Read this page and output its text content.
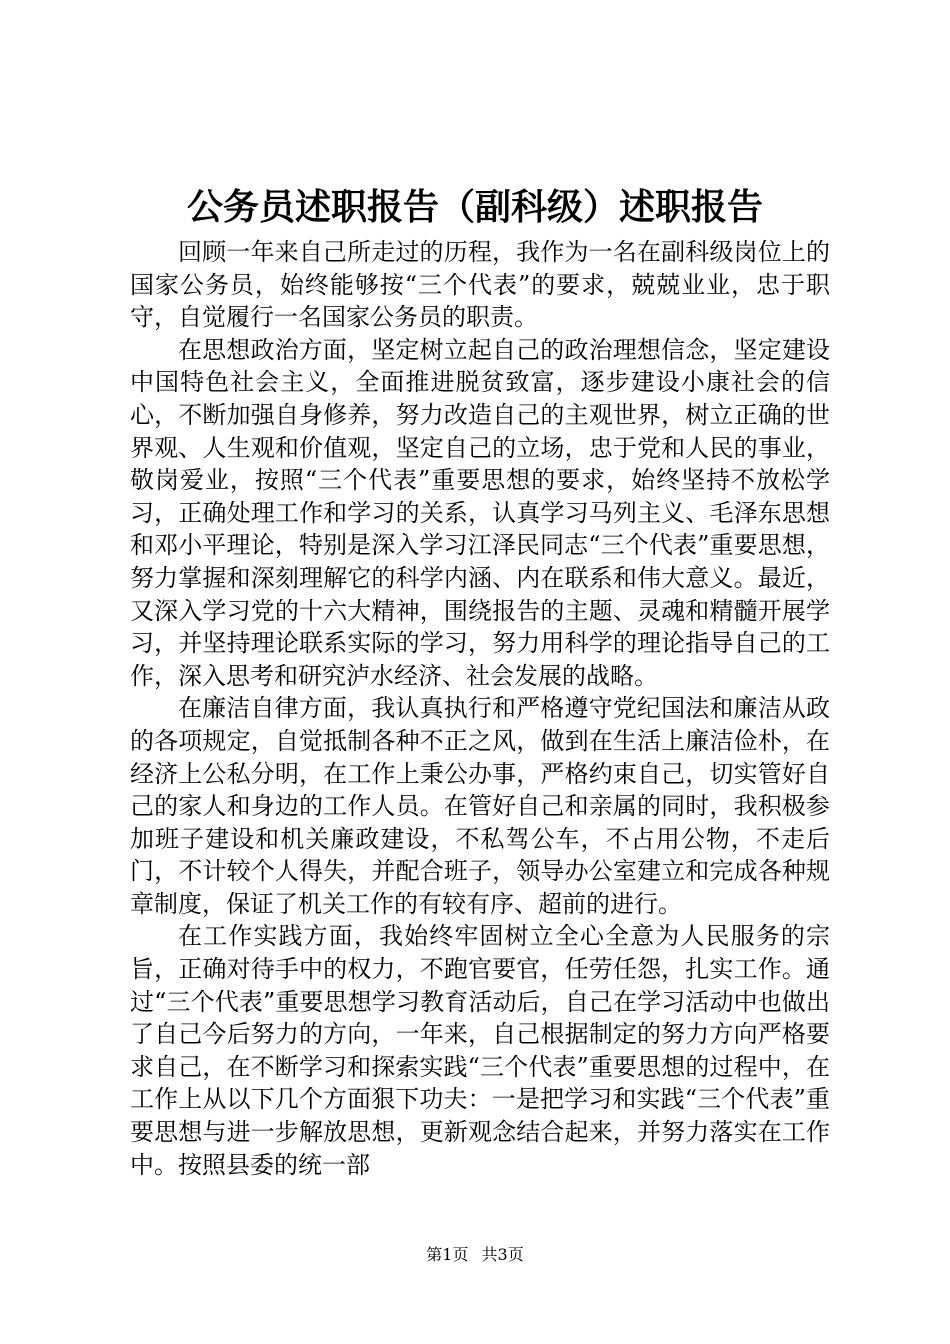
公务员述职报告（副科级）述职报告

回顾一年来自己所走过的历程，我作为一名在副科级岗位上的国家公务员，始终能够按“三个代表”的要求，兢兢业业，忠于职守，自觉履行一名国家公务员的职责。

在思想政治方面，坚定树立起自己的政治理想信念，坚定建设中国特色社会主义，全面推进脱贫致富，逐步建设小康社会的信心，不断加强自身修养，努力改造自己的主观世界，树立正确的世界观、人生观和价值观，坚定自己的立场，忠于党和人民的事业，敬岗爱业，按照“三个代表”重要思想的要求，始终坚持不放松学习，正确处理工作和学习的关系，认真学习马列主义、毛泽东思想和邓小平理论，特别是深入学习江泽民同志“三个代表”重要思想，努力掌握和深刻理解它的科学内涵、内在联系和伟大意义。最近，又深入学习党的十六大精神，围绕报告的主题、灵魂和精髓开展学习，并坚持理论联系实际的学习，努力用科学的理论指导自己的工作，深入思考和研究泸水经济、社会发展的战略。

在廉洁自律方面，我认真执行和严格遵守党纪国法和廉洁从政的各项规定，自觉抵制各种不正之风，做到在生活上廉洁俭朴，在经济上公私分明，在工作上秉公办事，严格约束自己，切实管好自己的家人和身边的工作人员。在管好自己和亲属的同时，我积极参加班子建设和机关廉政建设，不私驾公车，不占用公物，不走后门，不计较个人得失，并配合班子，领导办公室建立和完成各种规章制度，保证了机关工作的有较有序、超前的进行。

在工作实践方面，我始终牢固树立全心全意为人民服务的宗旨，正确对待手中的权力，不跑官要官，任劳任怨，扎实工作。通过“三个代表”重要思想学习教育活动后，自己在学习活动中也做出了自己今后努力的方向，一年来，自己根据制定的努力方向严格要求自己，在不断学习和探索实践“三个代表”重要思想的过程中，在工作上从以下几个方面狠下功夫：一是把学习和实践“三个代表”重要思想与进一步解放思想，更新观念结合起来，并努力落实在工作中。按照县委的统一部

第1页 共3页
